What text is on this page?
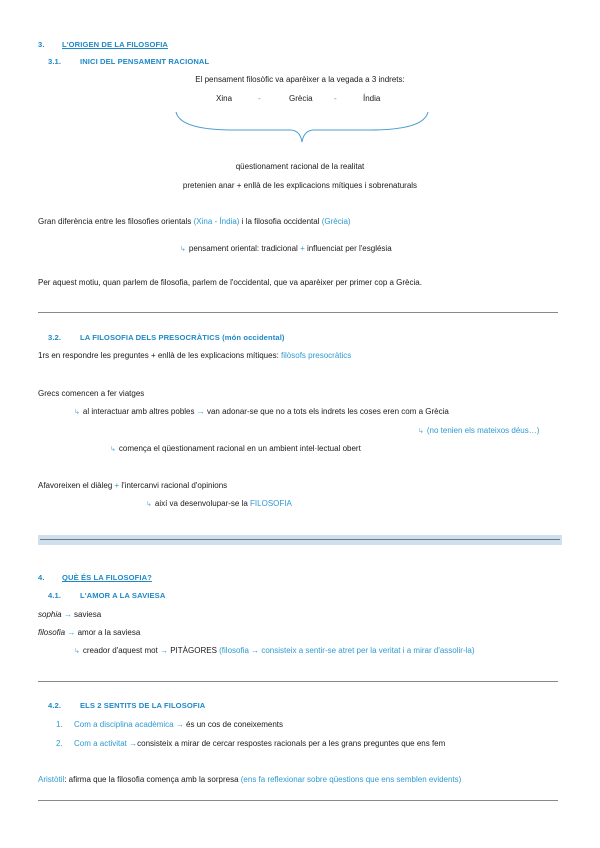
3. L'ORIGEN DE LA FILOSOFIA
3.1. INICI DEL PENSAMENT RACIONAL
El pensament filosòfic va aparèixer a la vegada a 3 indrets:
Xina	-	Grècia	-	Índia
qüestionament racional de la realitat
pretenien anar + enllà de les explicacions mítiques i sobrenaturals
Gran diferència entre les filosofies orientals (Xina - Índia) i la filosofia occidental (Grècia)
↳ pensament oriental: tradicional + influenciat per l'església
Per aquest motiu, quan parlem de filosofia, parlem de l'occidental, que va aparèixer per primer cop a Grècia.
3.2. LA FILOSOFIA DELS PRESOCRÀTICS (món occidental)
1rs en respondre les preguntes + enllà de les explicacions mítiques: filòsofs presocràtics
Grecs comencen a fer viatges
↳ al interactuar amb altres pobles → van adonar-se que no a tots els indrets les coses eren com a Grècia
↳ (no tenien els mateixos déus…)
↳ comença el qüestionament racional en un ambient intel·lectual obert
Afavoreixen el diàleg + l'intercanvi racional d'opinions
↳ així va desenvolupar-se la FILOSOFIA
4. QUÈ ÉS LA FILOSOFIA?
4.1. L'AMOR A LA SAVIESA
sophia → saviesa
filosofia → amor a la saviesa
↳ creador d'aquest mot → PITÀGORES (filosofia → consisteix a sentir-se atret per la veritat i a mirar d'assolir-la)
4.2. ELS 2 SENTITS DE LA FILOSOFIA
1. Com a disciplina acadèmica → és un cos de coneixements
2. Com a activitat →consisteix a mirar de cercar respostes racionals per a les grans preguntes que ens fem
Aristòtil: afirma que la filosofia comença amb la sorpresa (ens fa reflexionar sobre qüestions que ens semblen evidents)
